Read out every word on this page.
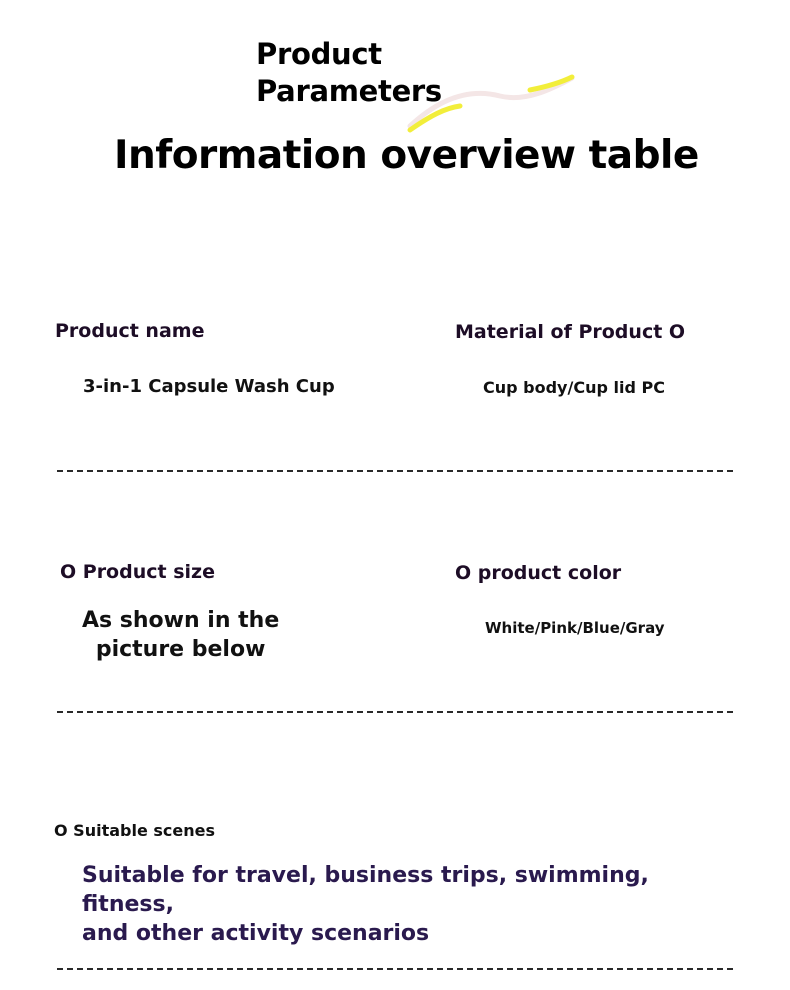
Product
Parameters
Information overview table
Product name
3-in-1 Capsule Wash Cup
Material of Product O
Cup body/Cup lid PC
O Product size
As shown in the
picture below
O product color
White/Pink/Blue/Gray
O Suitable scenes
Suitable for travel, business trips, swimming, fitness,
and other activity scenarios
